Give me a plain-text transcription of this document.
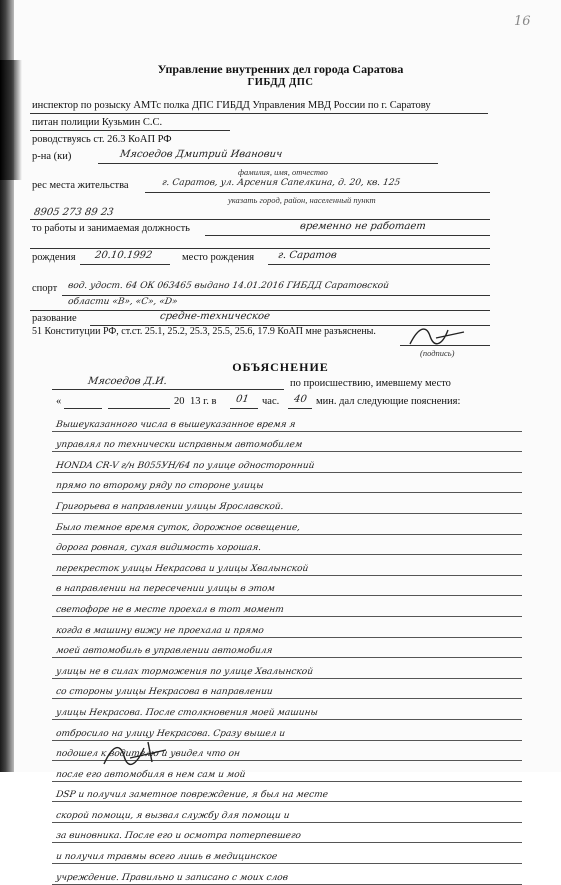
16
Управление внутренних дел города Саратова
ГИБДД ДПС
инспектор по розыску АМТс полка ДПС ГИБДД Управления МВД России по г. Саратову
питан полиции Кузьмин С.С.
роводствуясь ст. 26.3 КоАП РФ
р-на (ки)	Мясоедов Дмитрий Иванович
фамилия, имя, отчество
рес места жительства	г. Саратов, ул. Арсения Сапелкина, д. 20, кв. 125
указать город, район, населенный пункт
8905 273 89 23
то работы и занимаемая должность	временно не работает
рождения 20.10.1992	место рождения г. Саратов
спорт вод. удост. 64 ОК 063465 выдано 14.01.2016 ГИБДД Саратовской
области «В», «С», «D»
разование	средне-техническое
51 Конституции РФ, ст.ст. 25.1, 25.2, 25.3, 25.5, 25.6, 17.9 КоАП мне разъяснены.
(подпись)
ОБЪЯСНЕНИЕ
Мясоедов Д.И.	по происшествию, имевшему место
«	20 13 г. в 01 час. 40 мин. дал следующие пояснения:
Вышеуказанного числа в вышеуказанное время я
управлял по технически исправным автомобилем
HONDA CR-V г/н В055УН/64 по улице односторонний
прямо по второму ряду по стороне улицы
Григорьева в направлении улицы Ярославской.
Было темное время суток, дорожное освещение,
дорога ровная, сухая видимость хорошая.
перекресток улицы Некрасова и улицы Хвалынской
в направлении на пересечении улицы в этом
светофоре не в месте проехал в тот момент
когда в машину вижу не проехала и прямо
моей автомобиль в управлении автомобиля
улицы не в силах торможения по улице Хвалынской
со стороны улицы Некрасова в направлении
улицы Некрасова. После столкновения моей машины
отбросило на улицу Некрасова. Сразу вышел и
подошел к водителю и увидел что он
после его автомобиля в нем сам и мой
DSP и получил заметное повреждение, я был на месте
скорой помощи, я вызвал службу для помощи и
за виновника. После его и осмотра потерпевшего
и получил травмы всего лишь в медицинское
учреждение. Правильно и записано с моих слов
